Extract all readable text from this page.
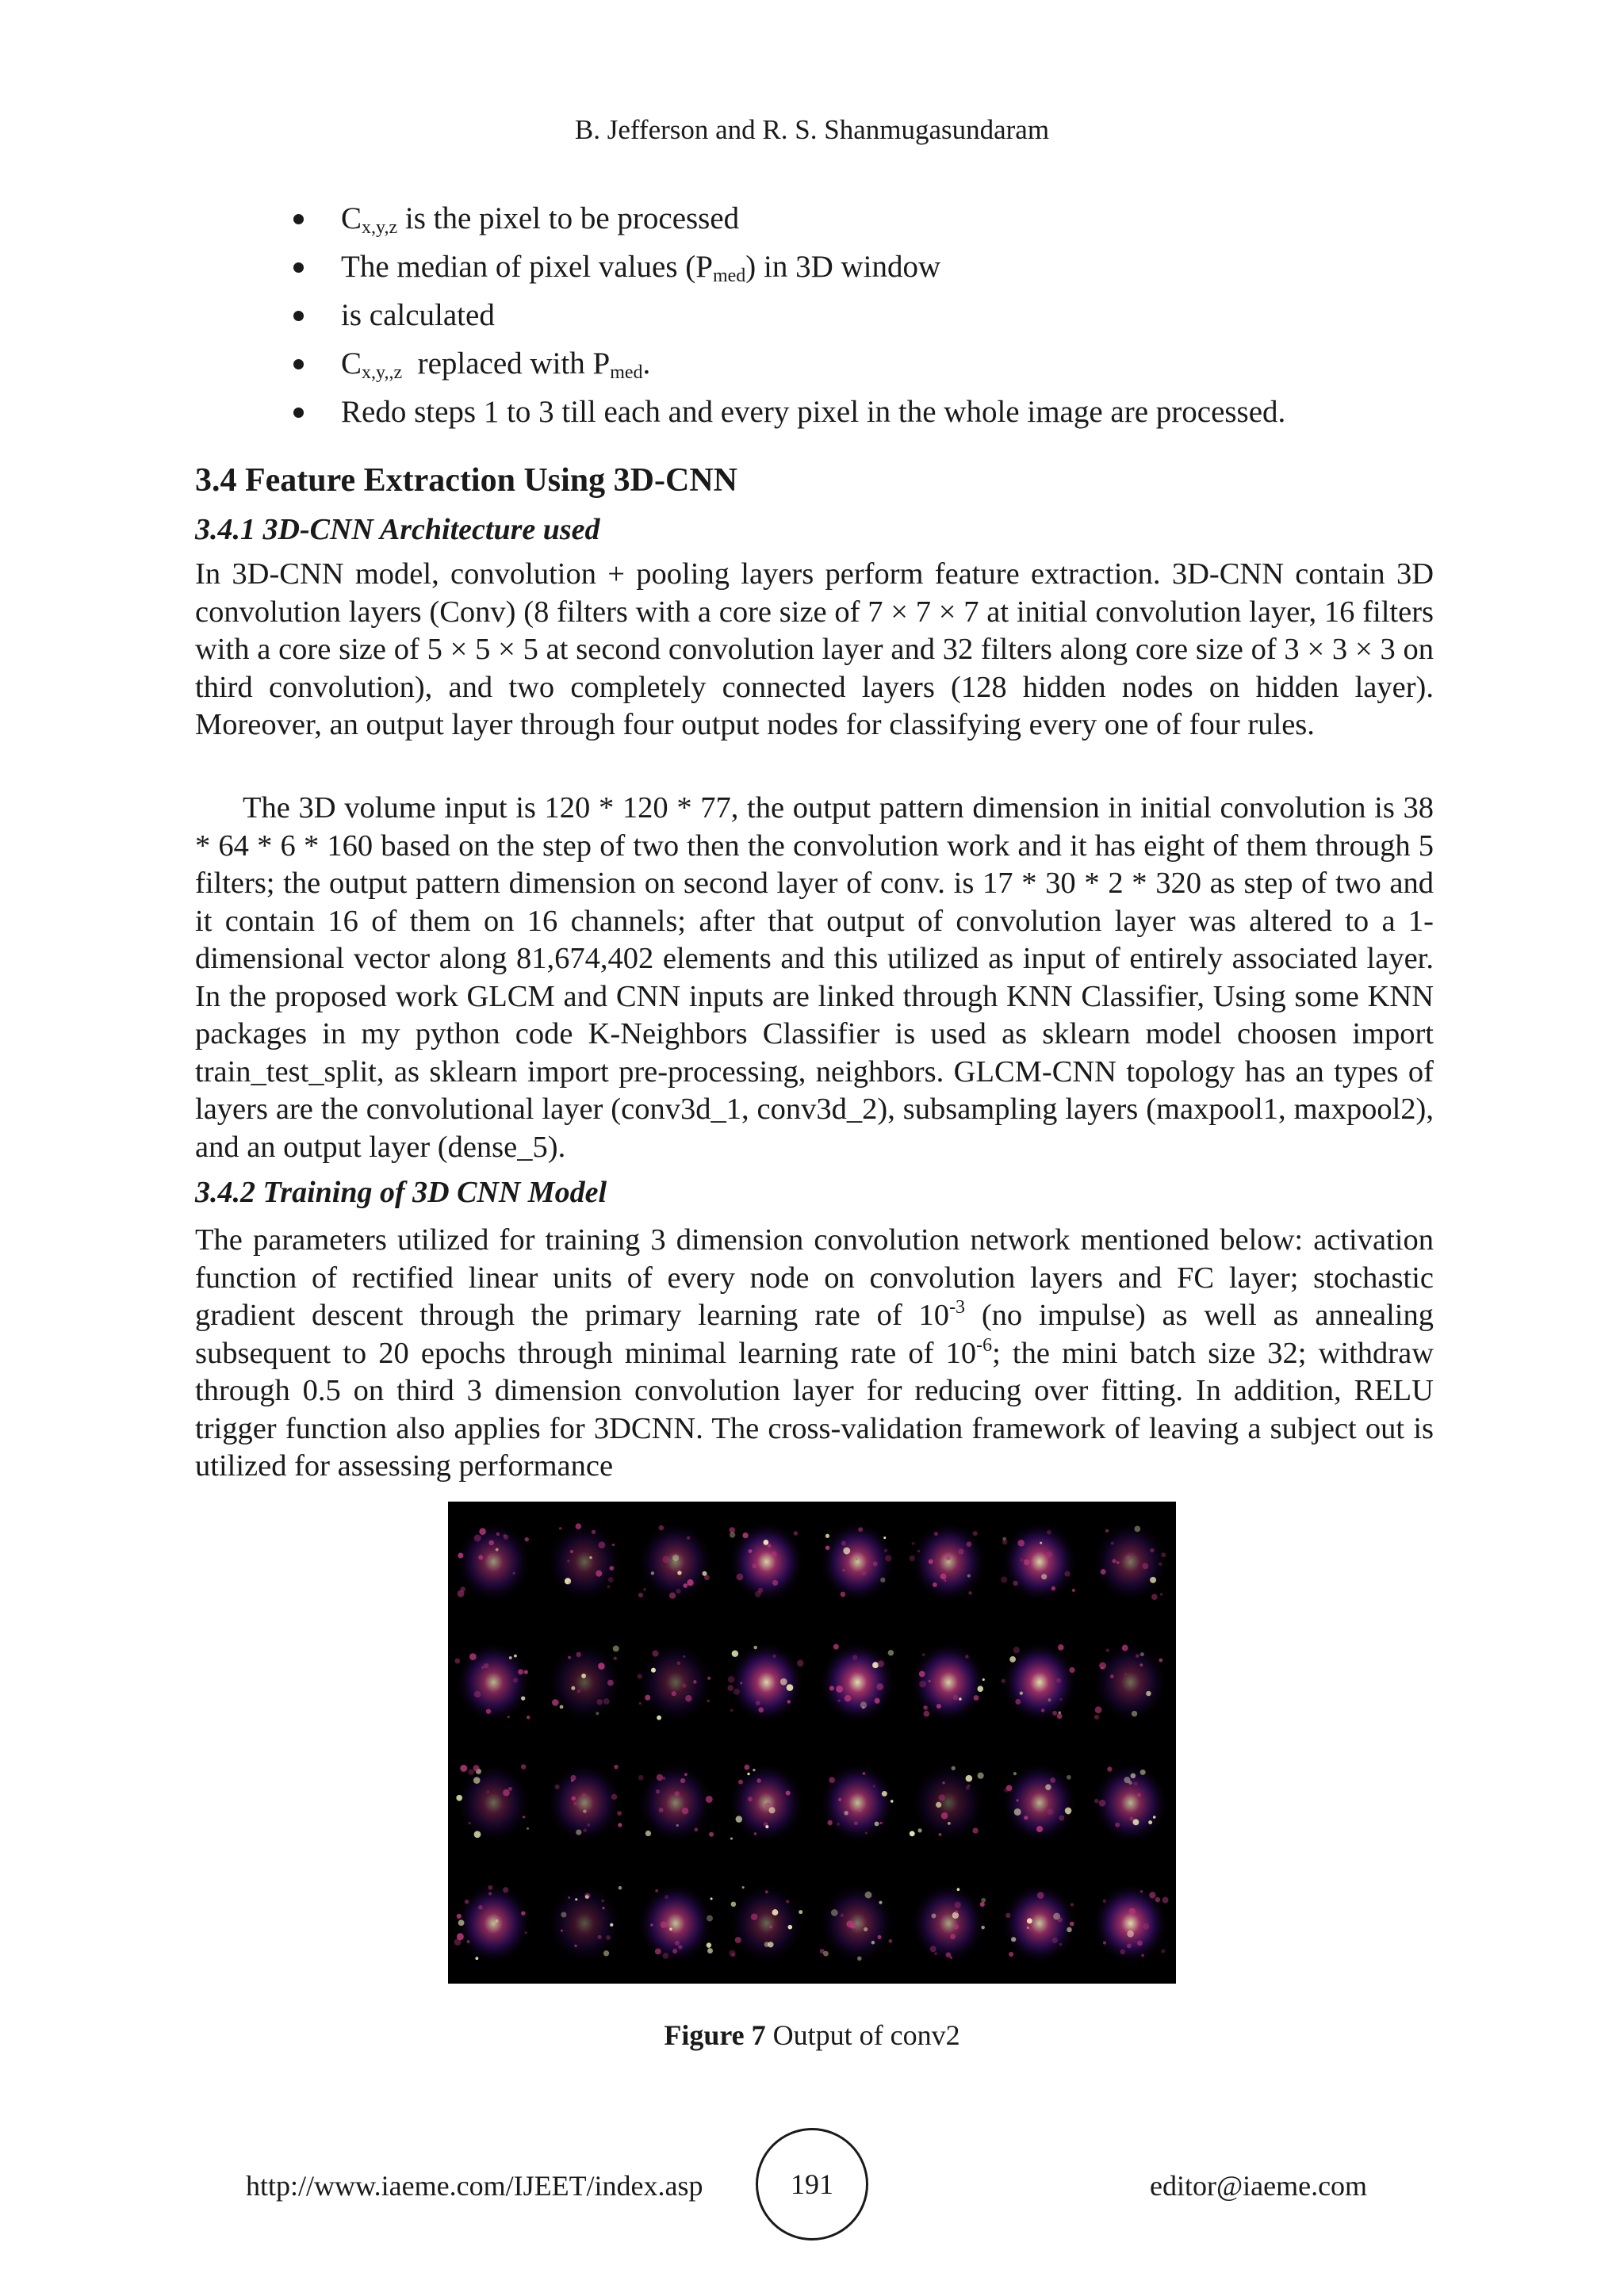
B. Jefferson and R. S. Shanmugasundaram
$C_{x,y,z}$ is the pixel to be processed
The median of pixel values $(P_{med})$ in 3D window
is calculated
$C_{x,y,,z}$  replaced with $P_{med}$.
Redo steps 1 to 3 till each and every pixel in the whole image are processed.
3.4 Feature Extraction Using 3D-CNN
3.4.1 3D-CNN Architecture used

In 3D-CNN model, convolution + pooling layers perform feature extraction. 3D-CNN contain 3D convolution layers (Conv) (8 filters with a core size of 7 × 7 × 7 at initial convolution layer, 16 filters with a core size of 5 × 5 × 5 at second convolution layer and 32 filters along core size of 3 × 3 × 3 on third convolution), and two completely connected layers (128 hidden nodes on hidden layer). Moreover, an output layer through four output nodes for classifying every one of four rules.

The 3D volume input is 120 * 120 * 77, the output pattern dimension in initial convolution is 38 * 64 * 6 * 160 based on the step of two then the convolution work and it has eight of them through 5 filters; the output pattern dimension on second layer of conv. is 17 * 30 * 2 * 320 as step of two and it contain 16 of them on 16 channels; after that output of convolution layer was altered to a 1-dimensional vector along 81,674,402 elements and this utilized as input of entirely associated layer. In the proposed work GLCM and CNN inputs are linked through KNN Classifier, Using some KNN packages in my python code K-Neighbors Classifier is used as sklearn model choosen import train_test_split, as sklearn import pre-processing, neighbors. GLCM-CNN topology has an types of layers are the convolutional layer (conv3d_1, conv3d_2), subsampling layers (maxpool1, maxpool2), and an output layer (dense_5).

3.4.2 Training of 3D CNN Model

The parameters utilized for training 3 dimension convolution network mentioned below: activation function of rectified linear units of every node on convolution layers and FC layer; stochastic gradient descent through the primary learning rate of $10^{-3}$ (no impulse) as well as annealing subsequent to 20 epochs through minimal learning rate of $10^{-6}$; the mini batch size 32; withdraw through 0.5 on third 3 dimension convolution layer for reducing over fitting. In addition, RELU trigger function also applies for 3DCNN. The cross-validation framework of leaving a subject out is utilized for assessing performance

Figure 7 Output of conv2
http://www.iaeme.com/IJEET/index.asp	191	editor@iaeme.com
